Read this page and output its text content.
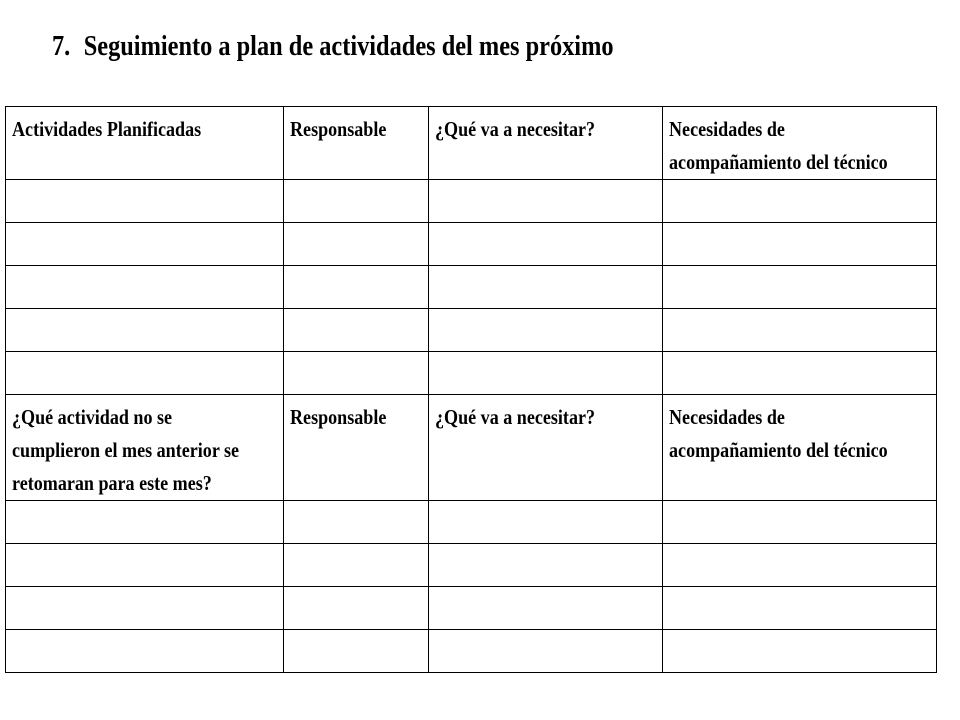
7. Seguimiento a plan de actividades del mes próximo
Actividades Planificadas	Responsable	¿Qué va a necesitar?	Necesidades de
acompañamiento del técnico

¿Qué actividad no se
cumplieron el mes anterior se
retomaran para este mes?	Responsable	¿Qué va a necesitar?	Necesidades de
acompañamiento del técnico
